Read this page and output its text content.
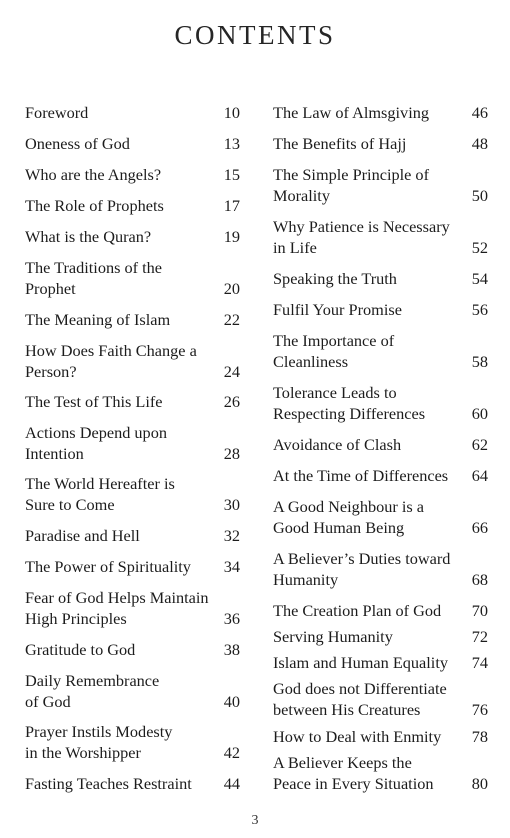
CONTENTS
Foreword	10
Oneness of God	13
Who are the Angels?	15
The Role of Prophets	17
What is the Quran?	19
The Traditions of the
Prophet	20
The Meaning of Islam	22
How Does Faith Change a
Person?	24
The Test of This Life	26
Actions Depend upon
Intention	28
The World Hereafter is
Sure to Come	30
Paradise and Hell	32
The Power of Spirituality	34
Fear of God Helps Maintain
High Principles	36
Gratitude to God	38
Daily Remembrance
of God	40
Prayer Instils Modesty
in the Worshipper	42
Fasting Teaches Restraint	44
The Law of Almsgiving	46
The Benefits of Hajj	48
The Simple Principle of
Morality	50
Why Patience is Necessary
in Life	52
Speaking the Truth	54
Fulfil Your Promise	56
The Importance of
Cleanliness	58
Tolerance Leads to
Respecting Differences	60
Avoidance of Clash	62
At the Time of Differences	64
A Good Neighbour is a
Good Human Being	66
A Believer’s Duties toward
Humanity	68
The Creation Plan of God	70
Serving Humanity	72
Islam and Human Equality	74
God does not Differentiate
between His Creatures	76
How to Deal with Enmity	78
A Believer Keeps the
Peace in Every Situation	80
3
